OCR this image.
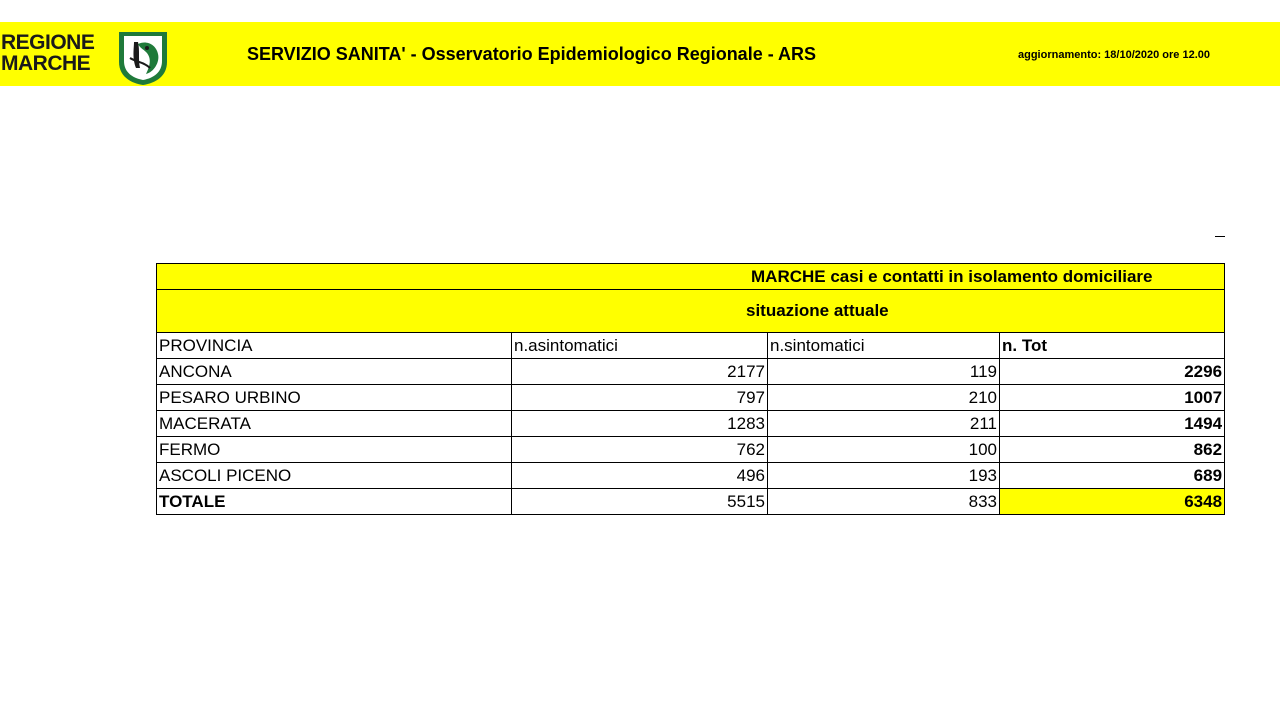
REGIONE
MARCHE	SERVIZIO SANITA' - Osservatorio Epidemiologico Regionale - ARS	aggiornamento: 18/10/2020 ore 12.00
MARCHE casi e contatti in isolamento domiciliare			
situazione attuale			
PROVINCIA	n.asintomatici	n.sintomatici	n. Tot
ANCONA	2177	119	2296
PESARO URBINO	797	210	1007
MACERATA	1283	211	1494
FERMO	762	100	862
ASCOLI PICENO	496	193	689
TOTALE	5515	833	6348
